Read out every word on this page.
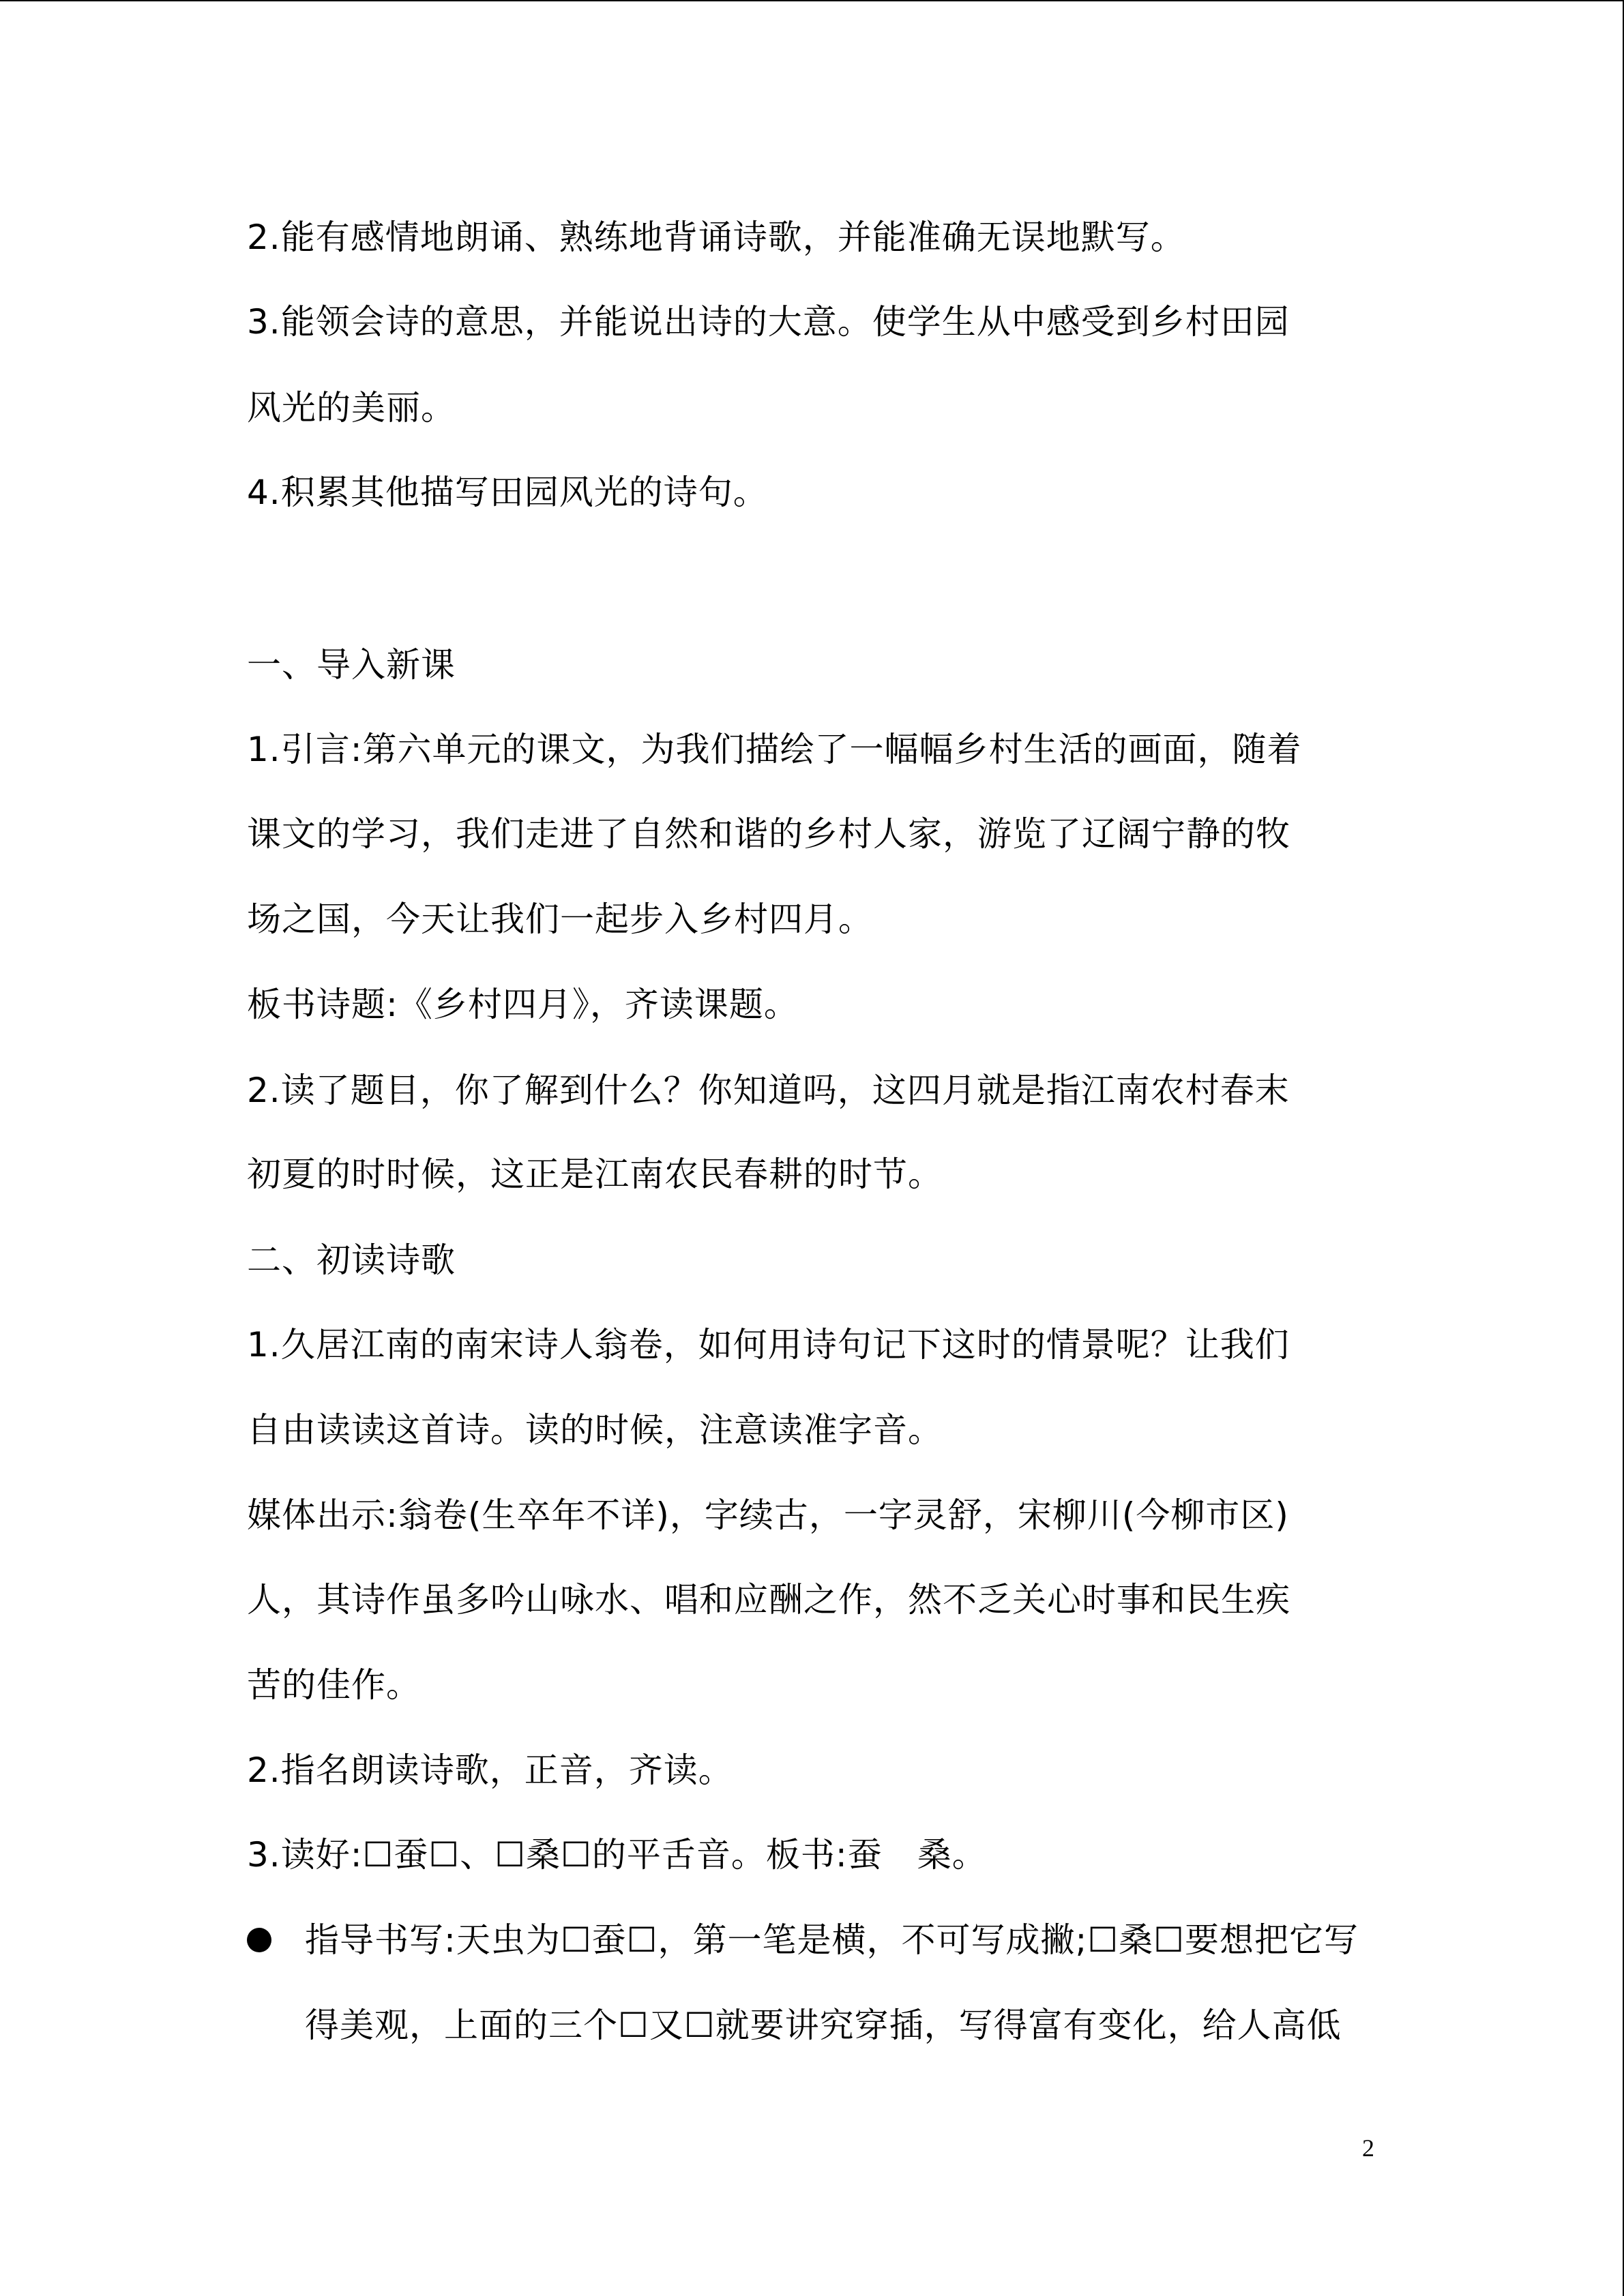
2.能有感情地朗诵、熟练地背诵诗歌，并能准确无误地默写。
3.能领会诗的意思，并能说出诗的大意。使学生从中感受到乡村田园
风光的美丽。
4.积累其他描写田园风光的诗句。
一、导入新课
1.引言:第六单元的课文，为我们描绘了一幅幅乡村生活的画面，随着
课文的学习，我们走进了自然和谐的乡村人家，游览了辽阔宁静的牧
场之国，今天让我们一起步入乡村四月。
板书诗题:《乡村四月》，齐读课题。
2.读了题目，你了解到什么？你知道吗，这四月就是指江南农村春末
初夏的时时候，这正是江南农民春耕的时节。
二、初读诗歌
1.久居江南的南宋诗人翁卷，如何用诗句记下这时的情景呢？让我们
自由读读这首诗。读的时候，注意读准字音。
媒体出示:翁卷(生卒年不详)，字续古，一字灵舒，宋柳川(今柳市区)
人，其诗作虽多吟山咏水、唱和应酬之作，然不乏关心时事和民生疾
苦的佳作。
2.指名朗读诗歌，正音，齐读。
3.读好:☐蚕☐、☐桑☐的平舌音。板书:蚕　桑。
指导书写:天虫为☐蚕☐，第一笔是横，不可写成撇;☐桑☐要想把它写
得美观，上面的三个☐又☐就要讲究穿插，写得富有变化，给人高低
2
